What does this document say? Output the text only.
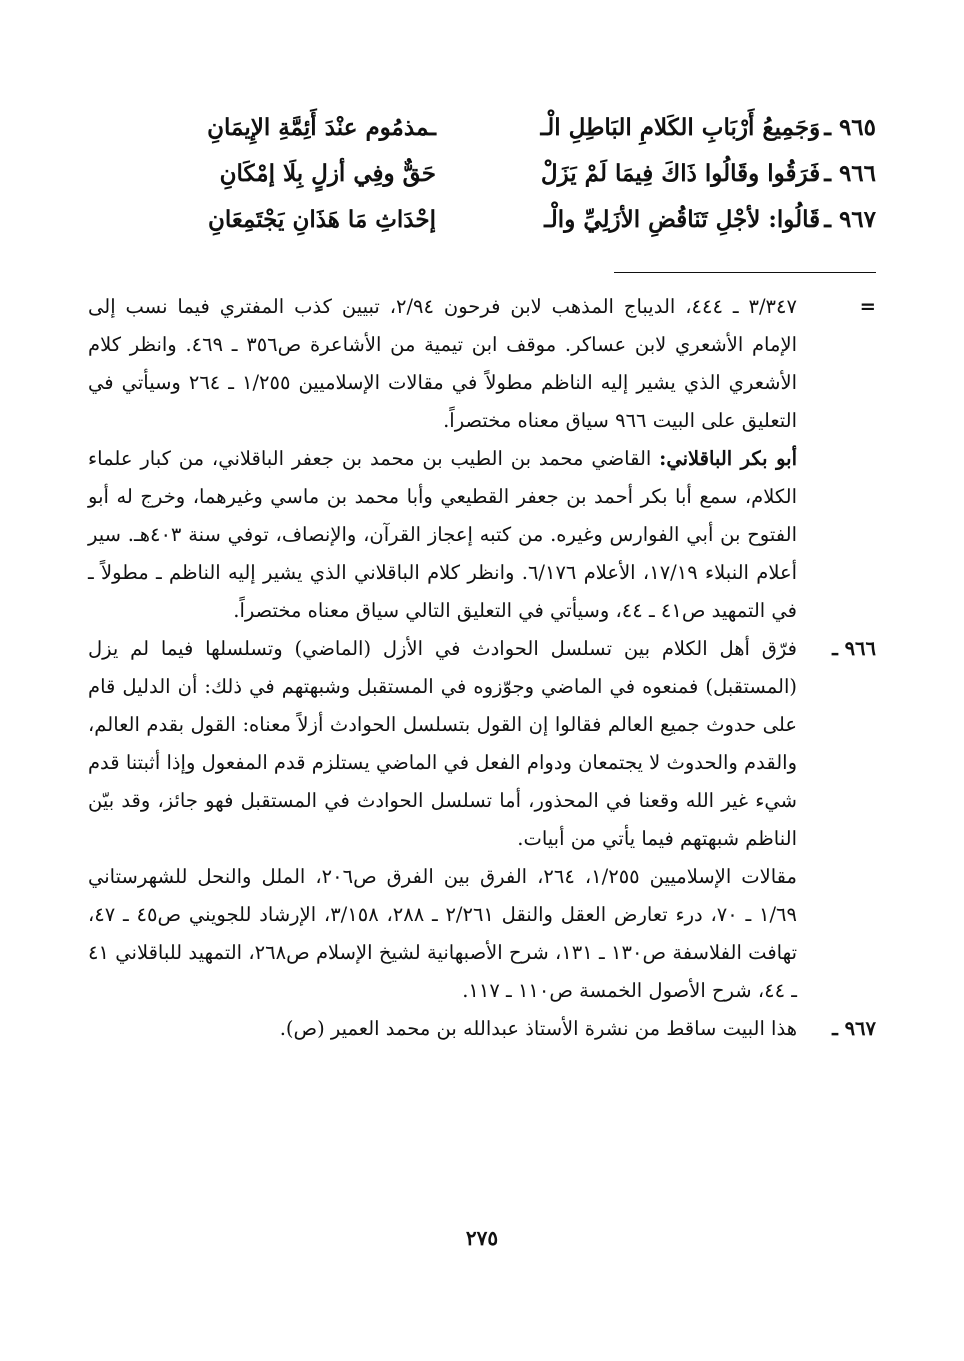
٩٦٥ ـ
وَجَمِيعُ أَرْبَابِ الكَلامِ البَاطِلِ الْـ
ـمذمُوم عنْدَ أَئِمَّةِ الإِيمَانِ
٩٦٦ ـ
فَرَقُوا وقَالُوا ذَاكَ فِيمَا لَمْ يَزَلْ
حَقٌّ وفِي أزلٍ بِلَا إمْكَانِ
٩٦٧ ـ
قَالُوا: لأجْلِ تَنَاقُضِ الأزَلِيِّ والْـ
إحْدَاثِ مَا هَذَانِ يَجْتَمِعَانِ
=

٣/٣٤٧ ـ ٤٤٤، الديباج المذهب لابن فرحون ٢/٩٤، تبيين كذب المفتري فيما نسب إلى الإمام الأشعري لابن عساكر. موقف ابن تيمية من الأشاعرة ص٣٥٦ ـ ٤٦٩. وانظر كلام الأشعري الذي يشير إليه الناظم مطولاً في مقالات الإسلاميين ١/٢٥٥ ـ ٢٦٤ وسيأتي في التعليق على البيت ٩٦٦ سياق معناه مختصراً.

أبو بكر الباقلاني: القاضي محمد بن الطيب بن محمد بن جعفر الباقلاني، من كبار علماء الكلام، سمع أبا بكر أحمد بن جعفر القطيعي وأبا محمد بن ماسي وغيرهما، وخرج له أبو الفتوح بن أبي الفوارس وغيره. من كتبه إعجاز القرآن، والإنصاف، توفي سنة ٤٠٣هـ. سير أعلام النبلاء ١٧/١٩، الأعلام ٦/١٧٦. وانظر كلام الباقلاني الذي يشير إليه الناظم ـ مطولاً ـ في التمهيد ص٤١ ـ ٤٤، وسيأتي في التعليق التالي سياق معناه مختصراً.

٩٦٦ ـ

فرّق أهل الكلام بين تسلسل الحوادث في الأزل (الماضي) وتسلسلها فيما لم يزل (المستقبل) فمنعوه في الماضي وجوّزوه في المستقبل وشبهتهم في ذلك: أن الدليل قام على حدوث جميع العالم فقالوا إن القول بتسلسل الحوادث أزلاً معناه: القول بقدم العالم، والقدم والحدوث لا يجتمعان ودوام الفعل في الماضي يستلزم قدم المفعول وإذا أثبتنا قدم شيء غير الله وقعنا في المحذور، أما تسلسل الحوادث في المستقبل فهو جائز، وقد بيّن الناظم شبهتهم فيما يأتي من أبيات.

مقالات الإسلاميين ١/٢٥٥، ٢٦٤، الفرق بين الفرق ص٢٠٦، الملل والنحل للشهرستاني ١/٦٩ ـ ٧٠، درء تعارض العقل والنقل ٢/٢٦١ ـ ٢٨٨، ٣/١٥٨، الإرشاد للجويني ص٤٥ ـ ٤٧، تهافت الفلاسفة ص١٣٠ ـ ١٣١، شرح الأصبهانية لشيخ الإسلام ص٢٦٨، التمهيد للباقلاني ٤١ ـ ٤٤، شرح الأصول الخمسة ص١١٠ ـ ١١٧.

٩٦٧ ـ

هذا البيت ساقط من نشرة الأستاذ عبدالله بن محمد العمير (ص).

٢٧٥
